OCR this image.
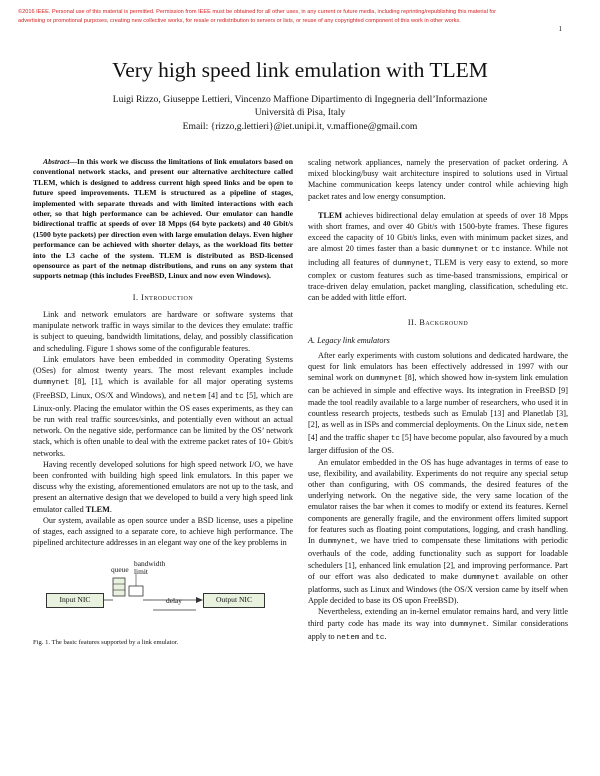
©2016 IEEE. Personal use of this material is permitted. Permission from IEEE must be obtained for all other uses, in any current or future media, including reprinting/republishing this material for advertising or promotional purposes, creating new collective works, for resale or redistribution to servers or lists, or reuse of any copyrighted component of this work in other works.
1
Very high speed link emulation with TLEM
Luigi Rizzo, Giuseppe Lettieri, Vincenzo Maffione Dipartimento di Ingegneria dell’Informazione
Università di Pisa, Italy
Email: {rizzo,g.lettieri}@iet.unipi.it, v.maffione@gmail.com

Abstract—In this work we discuss the limitations of link emulators based on conventional network stacks, and present our alternative architecture called TLEM, which is designed to address current high speed links and be open to future speed improvements. TLEM is structured as a pipeline of stages, implemented with separate threads and with limited interactions with each other, so that high performance can be achieved. Our emulator can handle bidirectional traffic at speeds of over 18 Mpps (64 byte packets) and 40 Gbit/s (1500 byte packets) per direction even with large emulation delays. Even higher performance can be achieved with shorter delays, as the workload fits better into the L3 cache of the system. TLEM is distributed as BSD-licensed opensource as part of the netmap distributions, and runs on any system that supports netmap (this includes FreeBSD, Linux and now even Windows).

I. Introduction

Link and network emulators are hardware or software systems that manipulate network traffic in ways similar to the devices they emulate: traffic is subject to queuing, bandwidth limitations, delay, and possibly classification and scheduling. Figure 1 shows some of the configurable features.

Link emulators have been embedded in commodity Operating Systems (OSes) for almost twenty years. The most relevant examples include dummynet [8], [1], which is available for all major operating systems (FreeBSD, Linux, OS/X and Windows), and netem [4] and tc [5], which are Linux-only. Placing the emulator within the OS eases experiments, as they can be run with real traffic sources/sinks, and potentially even without an actual network. On the negative side, performance can be limited by the OS’ network stack, which is often unable to deal with the extreme packet rates of 10+ Gbit/s networks.

Having recently developed solutions for high speed network I/O, we have been confronted with building high speed link emulators. In this paper we discuss why the existing, aforementioned emulators are not up to the task, and present an alternative design that we developed to build a very high speed link emulator called TLEM.

Our system, available as open source under a BSD license, uses a pipeline of stages, each assigned to a separate core, to achieve high performance. The pipelined architecture addresses in an elegant way one of the key problems in

bandwidth
limit
queue
Input NIC	delay	Output NIC
Fig. 1. The basic features supported by a link emulator.

scaling network appliances, namely the preservation of packet ordering. A mixed blocking/busy wait architecture inspired to solutions used in Virtual Machine communication keeps latency under control while achieving high packet rates and low energy consumption.

TLEM achieves bidirectional delay emulation at speeds of over 18 Mpps with short frames, and over 40 Gbit/s with 1500-byte frames. These figures exceed the capacity of 10 Gbit/s links, even with minimum packet sizes, and are almost 20 times faster than a basic dummynet or tc instance. While not including all features of dummynet, TLEM is very easy to extend, so more complex or custom features such as time-based transmissions, empirical or trace-driven delay emulation, packet mangling, classification, scheduling etc. can be added with little effort.

II. Background
A. Legacy link emulators

After early experiments with custom solutions and dedicated hardware, the quest for link emulators has been effectively addressed in 1997 with our seminal work on dummynet [8], which showed how in-system link emulation can be achieved in simple and effective ways. Its integration in FreeBSD [9] made the tool readily available to a large number of researchers, who used it in countless research projects, testbeds such as Emulab [13] and Planetlab [3], [2], as well as in ISPs and commercial deployments. On the Linux side, netem [4] and the traffic shaper tc [5] have become popular, also favoured by a much larger diffusion of the OS.

An emulator embedded in the OS has huge advantages in terms of ease to use, flexibility, and availability. Experiments do not require any special setup other than configuring, with OS commands, the desired features of the underlying network. On the negative side, the very same location of the emulator raises the bar when it comes to modify or extend its features. Kernel components are generally fragile, and the environment offers limited support for features such as floating point computations, logging, and crash handling. In dummynet, we have tried to compensate these limitations with periodic overhauls of the code, adding functionality such as support for loadable schedulers [1], enhanced link emulation [2], and improving performance. Part of our effort was also dedicated to make dummynet available on other platforms, such as Linux and Windows (the OS/X version came by itself when Apple decided to base its OS upon FreeBSD).

Nevertheless, extending an in-kernel emulator remains hard, and very little third party code has made its way into dummynet. Similar considerations apply to netem and tc.
